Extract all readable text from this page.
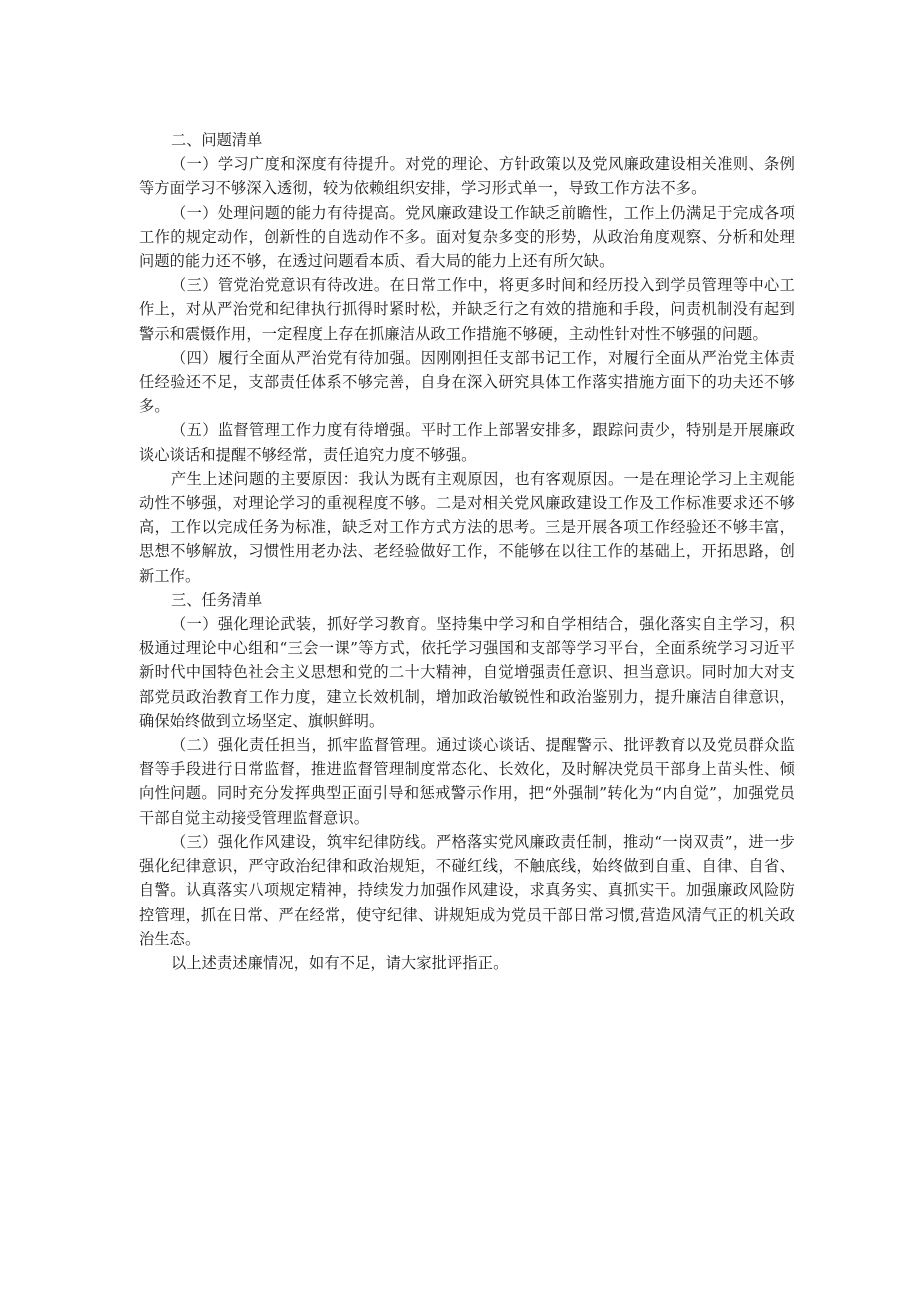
二、问题清单

（一）学习广度和深度有待提升。对党的理论、方针政策以及党风廉政建设相关准则、条例等方面学习不够深入透彻，较为依赖组织安排，学习形式单一，导致工作方法不多。

（一）处理问题的能力有待提高。党风廉政建设工作缺乏前瞻性，工作上仍满足于完成各项工作的规定动作，创新性的自选动作不多。面对复杂多变的形势，从政治角度观察、分析和处理问题的能力还不够，在透过问题看本质、看大局的能力上还有所欠缺。

（三）管党治党意识有待改进。在日常工作中，将更多时间和经历投入到学员管理等中心工作上，对从严治党和纪律执行抓得时紧时松，并缺乏行之有效的措施和手段，问责机制没有起到警示和震慑作用，一定程度上存在抓廉洁从政工作措施不够硬，主动性针对性不够强的问题。

（四）履行全面从严治党有待加强。因刚刚担任支部书记工作，对履行全面从严治党主体责任经验还不足，支部责任体系不够完善，自身在深入研究具体工作落实措施方面下的功夫还不够多。

（五）监督管理工作力度有待增强。平时工作上部署安排多，跟踪问责少，特别是开展廉政谈心谈话和提醒不够经常，责任追究力度不够强。

产生上述问题的主要原因：我认为既有主观原因，也有客观原因。一是在理论学习上主观能动性不够强，对理论学习的重视程度不够。二是对相关党风廉政建设工作及工作标准要求还不够高，工作以完成任务为标准，缺乏对工作方式方法的思考。三是开展各项工作经验还不够丰富，思想不够解放，习惯性用老办法、老经验做好工作，不能够在以往工作的基础上，开拓思路，创新工作。

三、任务清单

（一）强化理论武装，抓好学习教育。坚持集中学习和自学相结合，强化落实自主学习，积极通过理论中心组和“三会一课”等方式，依托学习强国和支部等学习平台，全面系统学习习近平新时代中国特色社会主义思想和党的二十大精神，自觉增强责任意识、担当意识。同时加大对支部党员政治教育工作力度，建立长效机制，增加政治敏锐性和政治鉴别力，提升廉洁自律意识，确保始终做到立场坚定、旗帜鲜明。

（二）强化责任担当，抓牢监督管理。通过谈心谈话、提醒警示、批评教育以及党员群众监督等手段进行日常监督，推进监督管理制度常态化、长效化，及时解决党员干部身上苗头性、倾向性问题。同时充分发挥典型正面引导和惩戒警示作用，把“外强制”转化为“内自觉”，加强党员干部自觉主动接受管理监督意识。

（三）强化作风建设，筑牢纪律防线。严格落实党风廉政责任制，推动“一岗双责”，进一步强化纪律意识，严守政治纪律和政治规矩，不碰红线，不触底线，始终做到自重、自律、自省、自警。认真落实八项规定精神，持续发力加强作风建设，求真务实、真抓实干。加强廉政风险防控管理，抓在日常、严在经常，使守纪律、讲规矩成为党员干部日常习惯,营造风清气正的机关政治生态。

以上述责述廉情况，如有不足，请大家批评指正。
